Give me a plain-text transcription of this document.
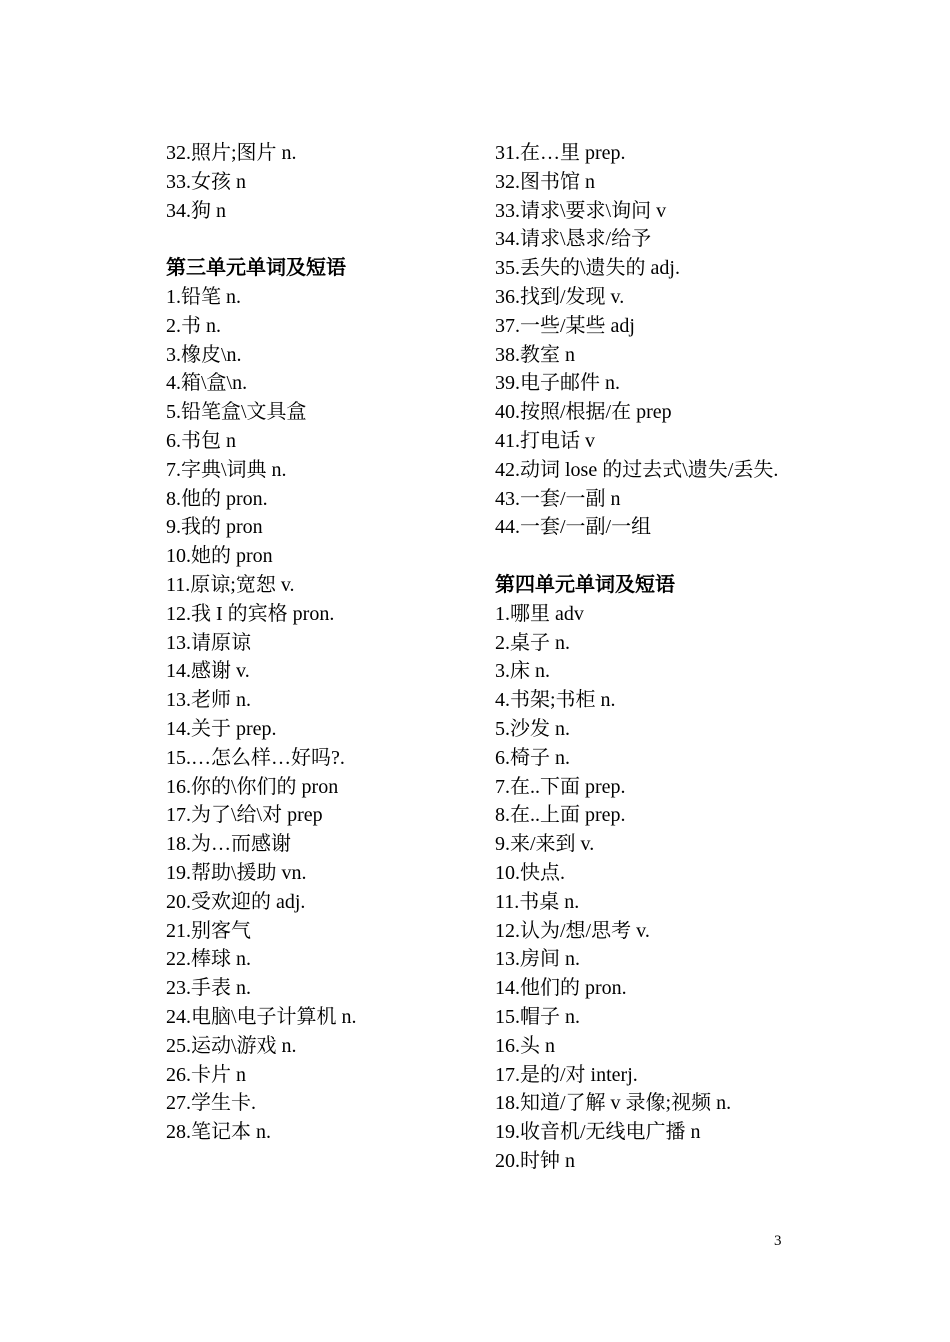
32.照片;图片 n.
33.女孩 n
34.狗 n
第三单元单词及短语
1.铅笔 n.
2.书 n.
3.橡皮\n.
4.箱\盒\n.
5.铅笔盒\文具盒
6.书包 n
7.字典\词典 n.
8.他的 pron.
9.我的 pron
10.她的 pron
11.原谅;宽恕 v.
12.我 I 的宾格 pron.
13.请原谅
14.感谢 v.
13.老师 n.
14.关于 prep.
15.…怎么样…好吗?.
16.你的\你们的 pron
17.为了\给\对 prep
18.为…而感谢
19.帮助\援助 vn.
20.受欢迎的 adj.
21.别客气
22.棒球 n.
23.手表 n.
24.电脑\电子计算机 n.
25.运动\游戏 n.
26.卡片 n
27.学生卡.
28.笔记本 n.
31.在…里 prep.
32.图书馆 n
33.请求\要求\询问 v
34.请求\恳求/给予
35.丢失的\遗失的 adj.
36.找到/发现 v.
37.一些/某些 adj
38.教室 n
39.电子邮件 n.
40.按照/根据/在 prep
41.打电话 v
42.动词 lose 的过去式\遗失/丢失.
43.一套/一副 n
44.一套/一副/一组
第四单元单词及短语
1.哪里 adv
2.桌子 n.
3.床 n.
4.书架;书柜 n.
5.沙发 n.
6.椅子 n.
7.在..下面 prep.
8.在..上面 prep.
9.来/来到 v.
10.快点.
11.书桌 n.
12.认为/想/思考 v.
13.房间 n.
14.他们的 pron.
15.帽子 n.
16.头 n
17.是的/对 interj.
18.知道/了解 v 录像;视频 n.
19.收音机/无线电广播 n
20.时钟 n
3
